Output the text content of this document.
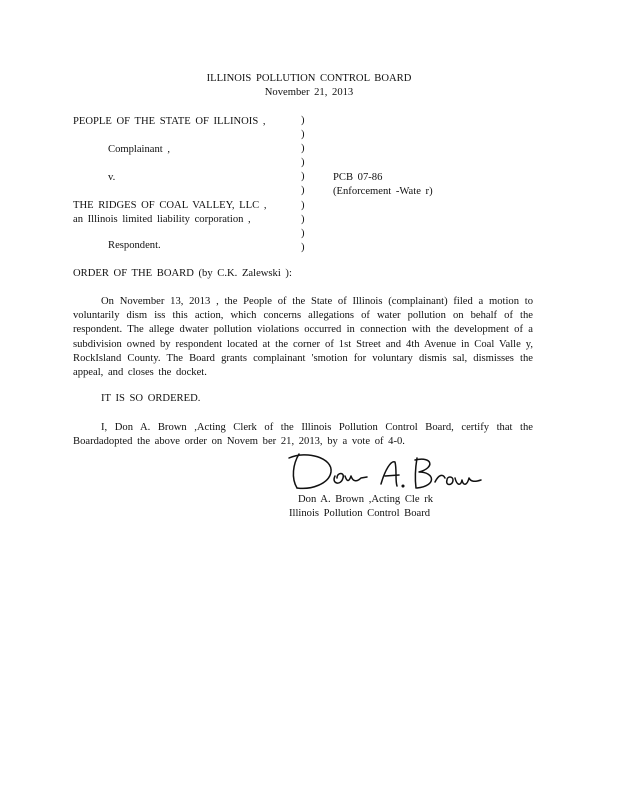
ILLINOIS POLLUTION CONTROL BOARD
November 21, 2013
PEOPLE OF THE STATE OF ILLINOIS ,
Complainant ,
v.
THE RIDGES OF COAL VALLEY, LLC ,
an Illinois limited liability corporation ,
Respondent.
)
)
)
)
)
)
)
)
)
)
PCB 07-86
(Enforcement -Wate r)
ORDER OF THE BOARD (by C.K. Zalewski ):
On November 13, 2013 , the People of the State of Illinois (complainant) filed a motion to voluntarily dism iss this action, which concerns allegations of water pollution on behalf of the respondent. The allege dwater pollution violations occurred in connection with the development of a subdivision owned by respondent located at the corner of 1st Street and 4th Avenue in Coal Valle y, RockIsland County. The Board grants complainant 'smotion for voluntary dismis sal, dismisses the appeal, and closes the docket.
IT IS SO ORDERED.
I, Don A. Brown ,Acting Clerk of the Illinois Pollution Control Board, certify that the Boardadopted the above order on Novem ber 21, 2013, by a vote of 4-0.
Don A. Brown ,Acting Cle rk
Illinois Pollution Control Board
